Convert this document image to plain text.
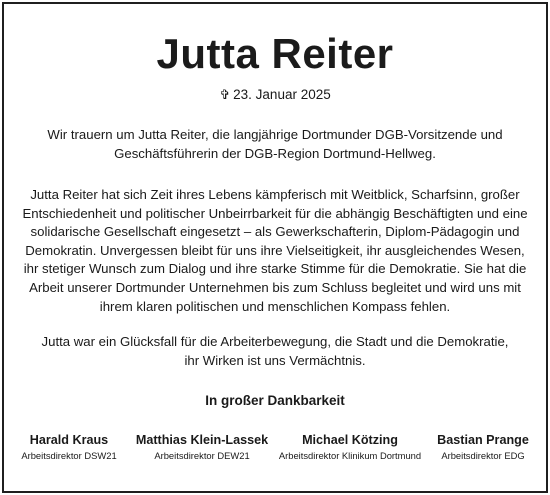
Jutta Reiter
✞ 23. Januar 2025

Wir trauern um Jutta Reiter, die langjährige Dortmunder DGB-Vorsitzende und
Geschäftsführerin der DGB-Region Dortmund-Hellweg.

Jutta Reiter hat sich Zeit ihres Lebens kämpferisch mit Weitblick, Scharfsinn, großer
Entschiedenheit und politischer Unbeirrbarkeit für die abhängig Beschäftigten und eine
solidarische Gesellschaft eingesetzt – als Gewerkschafterin, Diplom-Pädagogin und
Demokratin. Unvergessen bleibt für uns ihre Vielseitigkeit, ihr ausgleichendes Wesen,
ihr stetiger Wunsch zum Dialog und ihre starke Stimme für die Demokratie. Sie hat die
Arbeit unserer Dortmunder Unternehmen bis zum Schluss begleitet und wird uns mit
ihrem klaren politischen und menschlichen Kompass fehlen.

Jutta war ein Glücksfall für die Arbeiterbewegung, die Stadt und die Demokratie,
ihr Wirken ist uns Vermächtnis.

In großer Dankbarkeit
Harald Kraus
Arbeitsdirektor DSW21
Matthias Klein-Lassek
Arbeitsdirektor DEW21
Michael Kötzing
Arbeitsdirektor Klinikum Dortmund
Bastian Prange
Arbeitsdirektor EDG
